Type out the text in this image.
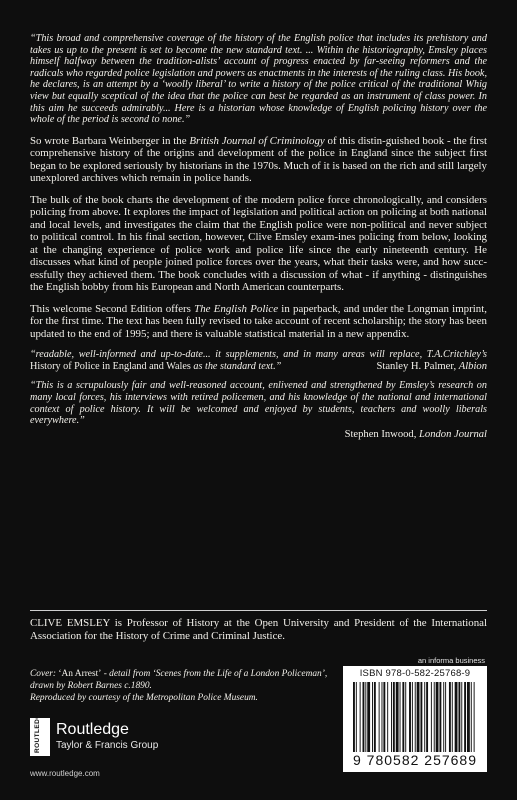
“This broad and comprehensive coverage of the history of the English police that includes its prehistory and takes us up to the present is set to become the new standard text. ... Within the historiography, Emsley places himself halfway between the tradition-alists’ account of progress enacted by far-seeing reformers and the radicals who regarded police legislation and powers as enactments in the interests of the ruling class. His book, he declares, is an attempt by a ‘woolly liberal’ to write a history of the police critical of the traditional Whig view but equally sceptical of the idea that the police can best be regarded as an instrument of class power. In this aim he succeeds admirably... Here is a historian whose knowledge of English policing history over the whole of the period is second to none.”

So wrote Barbara Weinberger in the British Journal of Criminology of this distin-guished book - the first comprehensive history of the origins and development of the police in England since the subject first began to be explored seriously by historians in the 1970s. Much of it is based on the rich and still largely unexplored archives which remain in police hands.

The bulk of the book charts the development of the modern police force chronologically, and considers policing from above. It explores the impact of legislation and political action on policing at both national and local levels, and investigates the claim that the English police were non-political and never subject to political control. In his final section, however, Clive Emsley exam-ines policing from below, looking at the changing experience of police work and police life since the early nineteenth century. He discusses what kind of people joined police forces over the years, what their tasks were, and how succ-essfully they achieved them. The book concludes with a discussion of what - if anything - distinguishes the English bobby from his European and North American counterparts.

This welcome Second Edition offers The English Police in paperback, and under the Longman imprint, for the first time. The text has been fully revised to take account of recent scholarship; the story has been updated to the end of 1995; and there is valuable statistical material in a new appendix.

“readable, well-informed and up-to-date... it supplements, and in many areas will replace, T.A.Critchley’s History of Police in England and Wales as the standard text.”	Stanley H. Palmer, Albion

“This is a scrupulously fair and well-reasoned account, enlivened and strengthened by Emsley’s research on many local forces, his interviews with retired policemen, and his knowledge of the national and international context of police history. It will be welcomed and enjoyed by students, teachers and woolly liberals everywhere.”

Stephen Inwood, London Journal

CLIVE EMSLEY is Professor of History at the Open University and President of the International Association for the History of Crime and Criminal Justice.
Cover: ‘An Arrest’ - detail from ‘Scenes from the Life of a London Policeman’, drawn by Robert Barnes c.1890.
Reproduced by courtesy of the Metropolitan Police Museum.
an informa business
ISBN 978-0-582-25768-9
9 780582 257689
ROUTLEDGE Routledge
Taylor & Francis Group
www.routledge.com
